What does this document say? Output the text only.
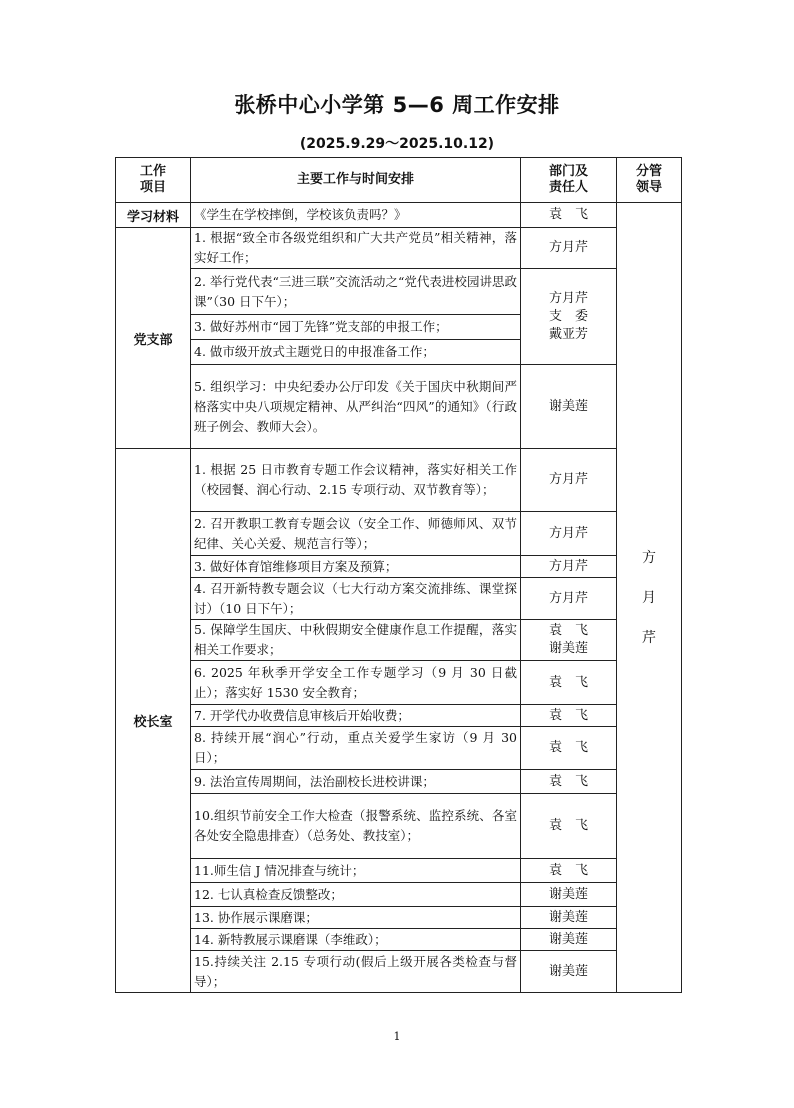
张桥中心小学第 5—6 周工作安排
(2025.9.29～2025.10.12)
工作
项目	主要工作与时间安排	部门及
责任人	分管
领导
学习材料	《学生在学校摔倒，学校该负责吗？》	袁　飞	方
月
芹
党支部	1. 根据“致全市各级党组织和广大共产党员”相关精神，落实好工作；	方月芹	
	2. 举行党代表“三进三联”交流活动之“党代表进校园讲思政课”（30 日下午）；	方月芹
支　委
戴亚芳	
	3. 做好苏州市“园丁先锋”党支部的申报工作；		
	4. 做市级开放式主题党日的申报准备工作；		
	5. 组织学习：中央纪委办公厅印发《关于国庆中秋期间严格落实中央八项规定精神、从严纠治“四风”的通知》（行政班子例会、教师大会）。	谢美莲	
校长室	1. 根据 25 日市教育专题工作会议精神，落实好相关工作（校园餐、润心行动、2.15 专项行动、双节教育等）；	方月芹	
	2. 召开教职工教育专题会议（安全工作、师德师风、双节纪律、关心关爱、规范言行等）；	方月芹	
	3. 做好体育馆维修项目方案及预算；	方月芹	
	4. 召开新特教专题会议（七大行动方案交流排练、课堂探讨）（10 日下午）；	方月芹	
	5. 保障学生国庆、中秋假期安全健康作息工作提醒，落实相关工作要求；	袁　飞
谢美莲	
	6. 2025 年秋季开学安全工作专题学习（9 月 30 日截止）；落实好 1530 安全教育；	袁　飞	
	7. 开学代办收费信息审核后开始收费；	袁　飞	
	8. 持续开展“润心”行动，重点关爱学生家访（9 月 30 日）；	袁　飞	
	9. 法治宣传周期间，法治副校长进校讲课；	袁　飞	
	10.组织节前安全工作大检查（报警系统、监控系统、各室各处安全隐患排查）（总务处、教技室）；	袁　飞	
	11.师生信 J 情况排查与统计；	袁　飞	
	12. 七认真检查反馈整改；	谢美莲	
	13. 协作展示课磨课；	谢美莲	
	14. 新特教展示课磨课（李维政）；	谢美莲	
	15.持续关注 2.15 专项行动(假后上级开展各类检查与督导）；	谢美莲	
1
